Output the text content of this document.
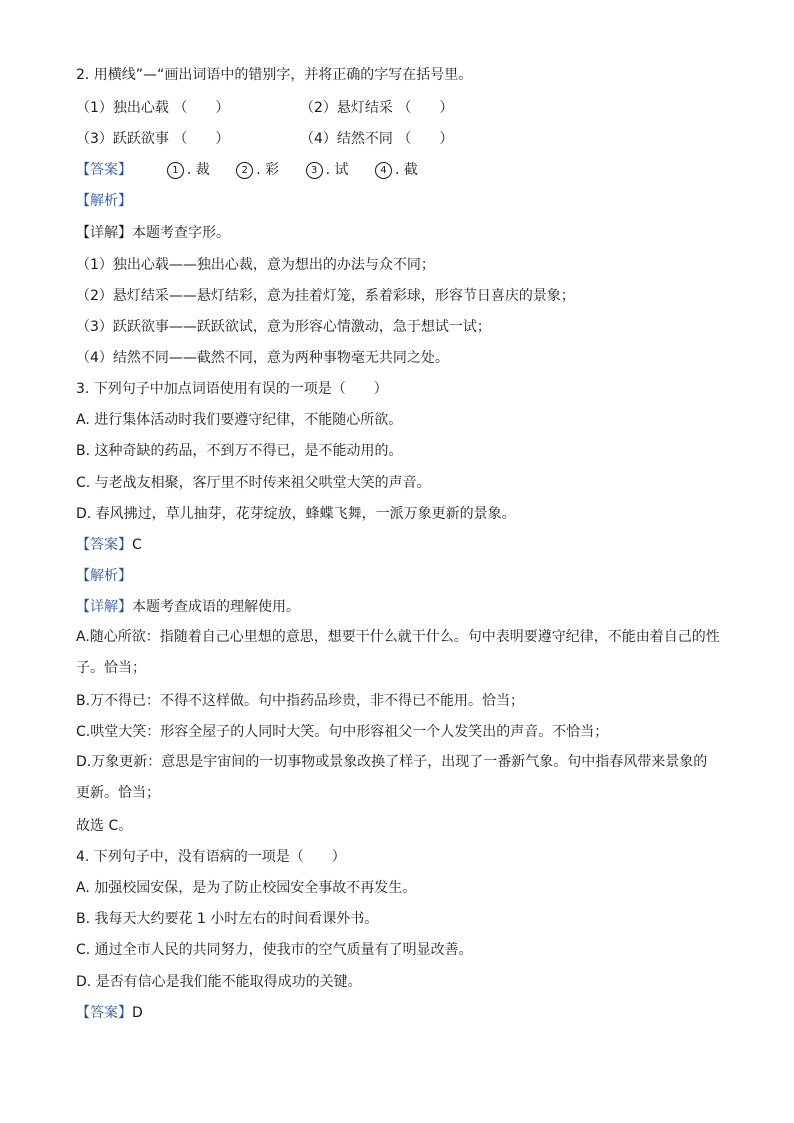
2. 用横线”—“画出词语中的错别字，并将正确的字写在括号里。
（1）独出心载 （　　）	（2）悬灯结采 （　　）
（3）跃跃欲事 （　　）	（4）结然不同 （　　）
【答案】	1 . 裁	2 . 彩	3 . 试	4 . 截
【解析】
【详解】本题考查字形。
（1）独出心载——独出心裁，意为想出的办法与众不同；
（2）悬灯结采——悬灯结彩，意为挂着灯笼，系着彩球，形容节日喜庆的景象；
（3）跃跃欲事——跃跃欲试，意为形容心情激动，急于想试一试；
（4）结然不同——截然不同，意为两种事物毫无共同之处。
3. 下列句子中加点词语使用有误的一项是（　　）
A. 进行集体活动时我们要遵守纪律，不能随心所欲。
B. 这种奇缺的药品，不到万不得已，是不能动用的。
C. 与老战友相聚，客厅里不时传来祖父哄堂大笑的声音。
D. 春风拂过，草儿抽芽，花芽绽放，蜂蝶飞舞，一派万象更新的景象。
【答案】C
【解析】
【详解】本题考查成语的理解使用。
A.随心所欲：指随着自己心里想的意思，想要干什么就干什么。句中表明要遵守纪律，不能由着自己的性子。恰当；
B.万不得已：不得不这样做。句中指药品珍贵，非不得已不能用。恰当；
C.哄堂大笑：形容全屋子的人同时大笑。句中形容祖父一个人发笑出的声音。不恰当；
D.万象更新：意思是宇宙间的一切事物或景象改换了样子，出现了一番新气象。句中指春风带来景象的更新。恰当；
故选 C。
4. 下列句子中，没有语病的一项是（　　）
A. 加强校园安保，是为了防止校园安全事故不再发生。
B. 我每天大约要花 1 小时左右的时间看课外书。
C. 通过全市人民的共同努力，使我市的空气质量有了明显改善。
D. 是否有信心是我们能不能取得成功的关键。
【答案】D
